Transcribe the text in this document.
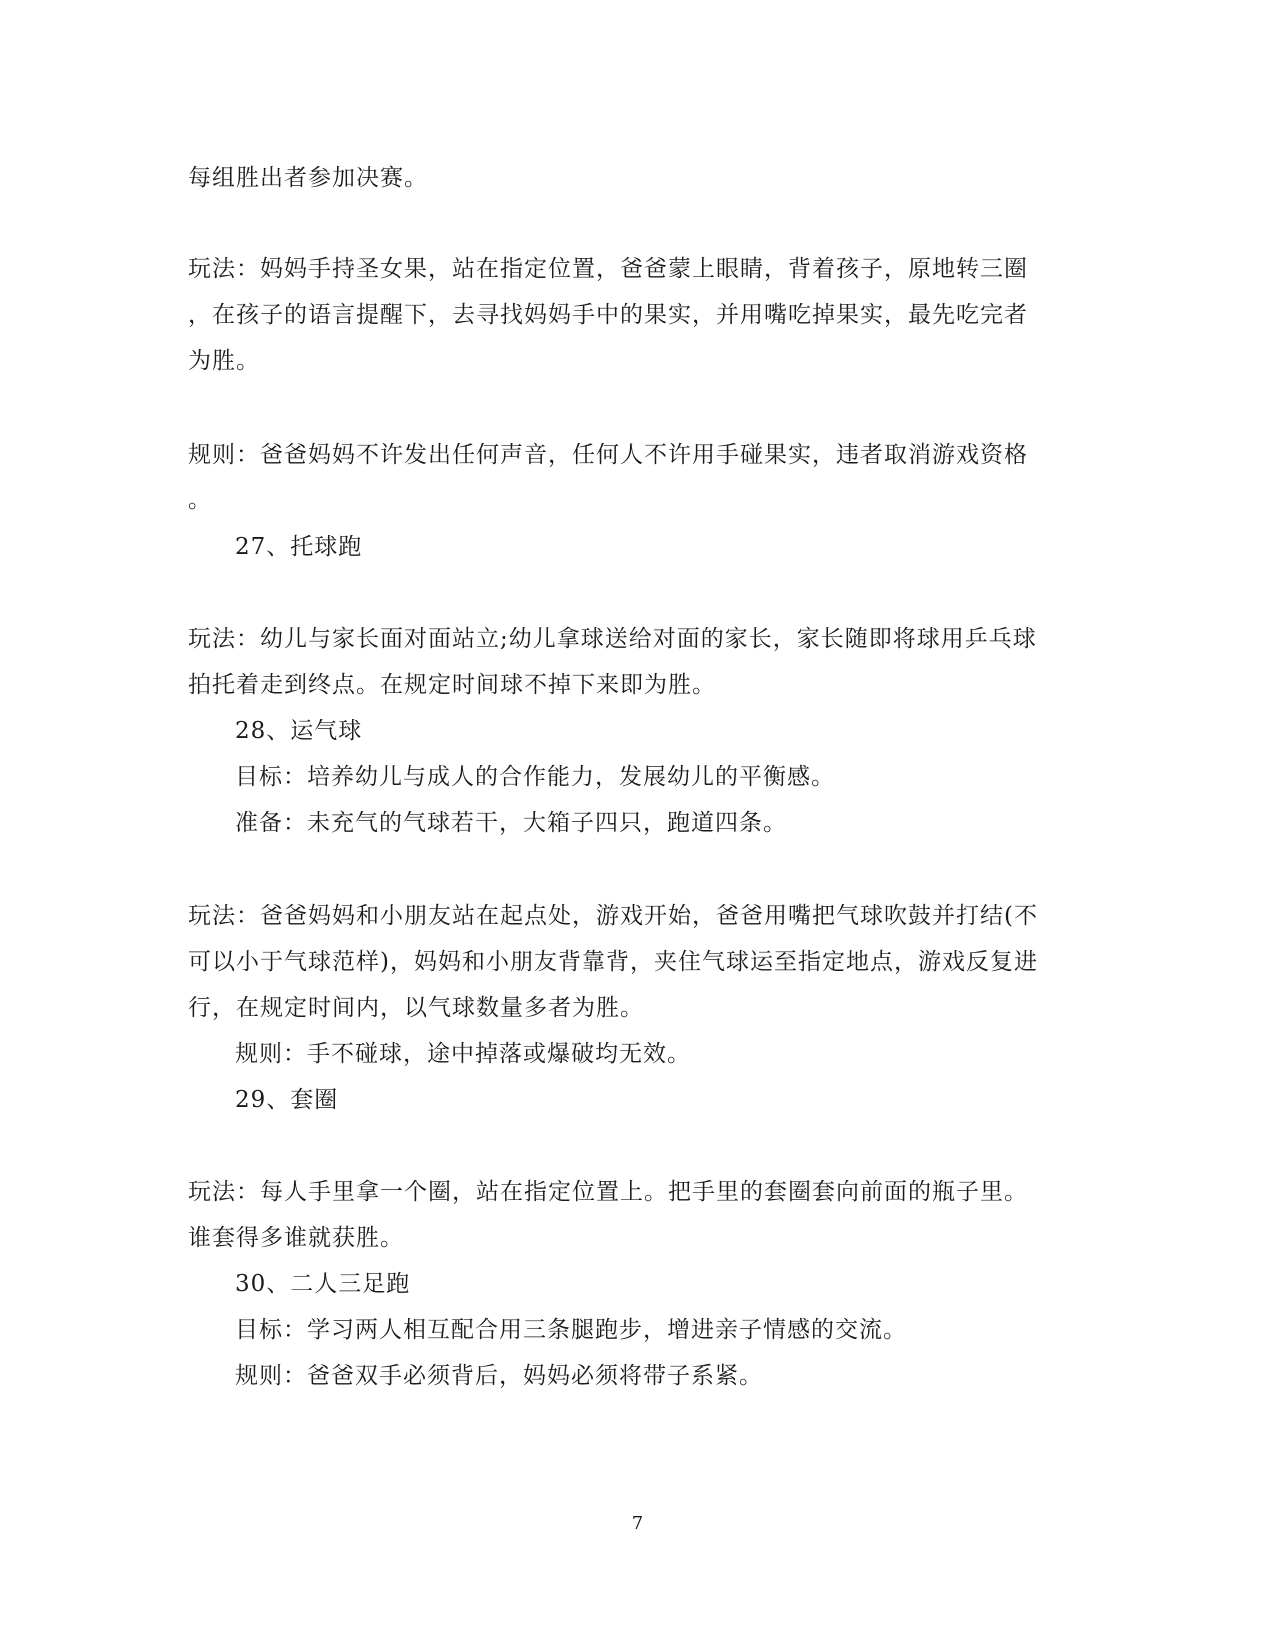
每组胜出者参加决赛。
玩法：妈妈手持圣女果，站在指定位置，爸爸蒙上眼睛，背着孩子，原地转三圈
，在孩子的语言提醒下，去寻找妈妈手中的果实，并用嘴吃掉果实，最先吃完者
为胜。
规则：爸爸妈妈不许发出任何声音，任何人不许用手碰果实，违者取消游戏资格
。
27、托球跑
玩法：幼儿与家长面对面站立;幼儿拿球送给对面的家长，家长随即将球用乒乓球
拍托着走到终点。在规定时间球不掉下来即为胜。
28、运气球
目标：培养幼儿与成人的合作能力，发展幼儿的平衡感。
准备：未充气的气球若干，大箱子四只，跑道四条。
玩法：爸爸妈妈和小朋友站在起点处，游戏开始，爸爸用嘴把气球吹鼓并打结(不
可以小于气球范样)，妈妈和小朋友背靠背，夹住气球运至指定地点，游戏反复进
行，在规定时间内，以气球数量多者为胜。
规则：手不碰球，途中掉落或爆破均无效。
29、套圈
玩法：每人手里拿一个圈，站在指定位置上。把手里的套圈套向前面的瓶子里。
谁套得多谁就获胜。
30、二人三足跑
目标：学习两人相互配合用三条腿跑步，增进亲子情感的交流。
规则：爸爸双手必须背后，妈妈必须将带子系紧。
7
